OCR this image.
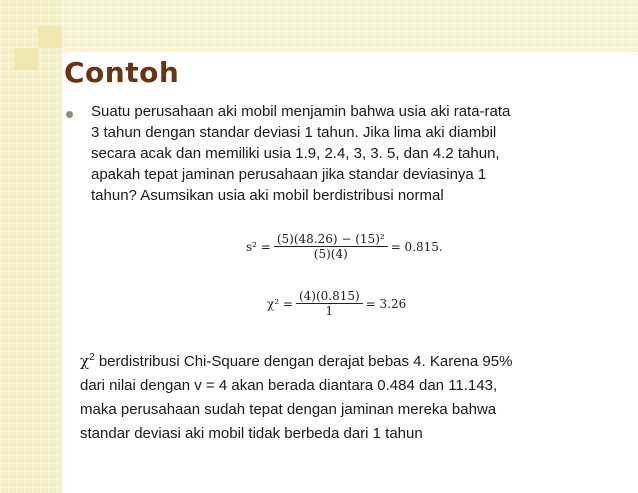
Contoh
Suatu perusahaan aki mobil menjamin bahwa usia aki rata-rata
3 tahun dengan standar deviasi 1 tahun. Jika lima aki diambil
secara acak dan memiliki usia 1.9, 2.4, 3, 3. 5, dan 4.2 tahun,
apakah tepat jaminan perusahaan jika standar deviasinya 1
tahun? Asumsikan usia aki mobil berdistribusi normal
s² =	(5)(48.26) − (15)²	= 0.815.
(5)(4)
χ² =	(4)(0.815)	= 3.26
1
$\chi^2$ berdistribusi Chi-Square dengan derajat bebas 4. Karena 95%
dari nilai dengan v = 4 akan berada diantara 0.484 dan 11.143,
maka perusahaan sudah tepat dengan jaminan mereka bahwa
standar deviasi aki mobil tidak berbeda dari 1 tahun
